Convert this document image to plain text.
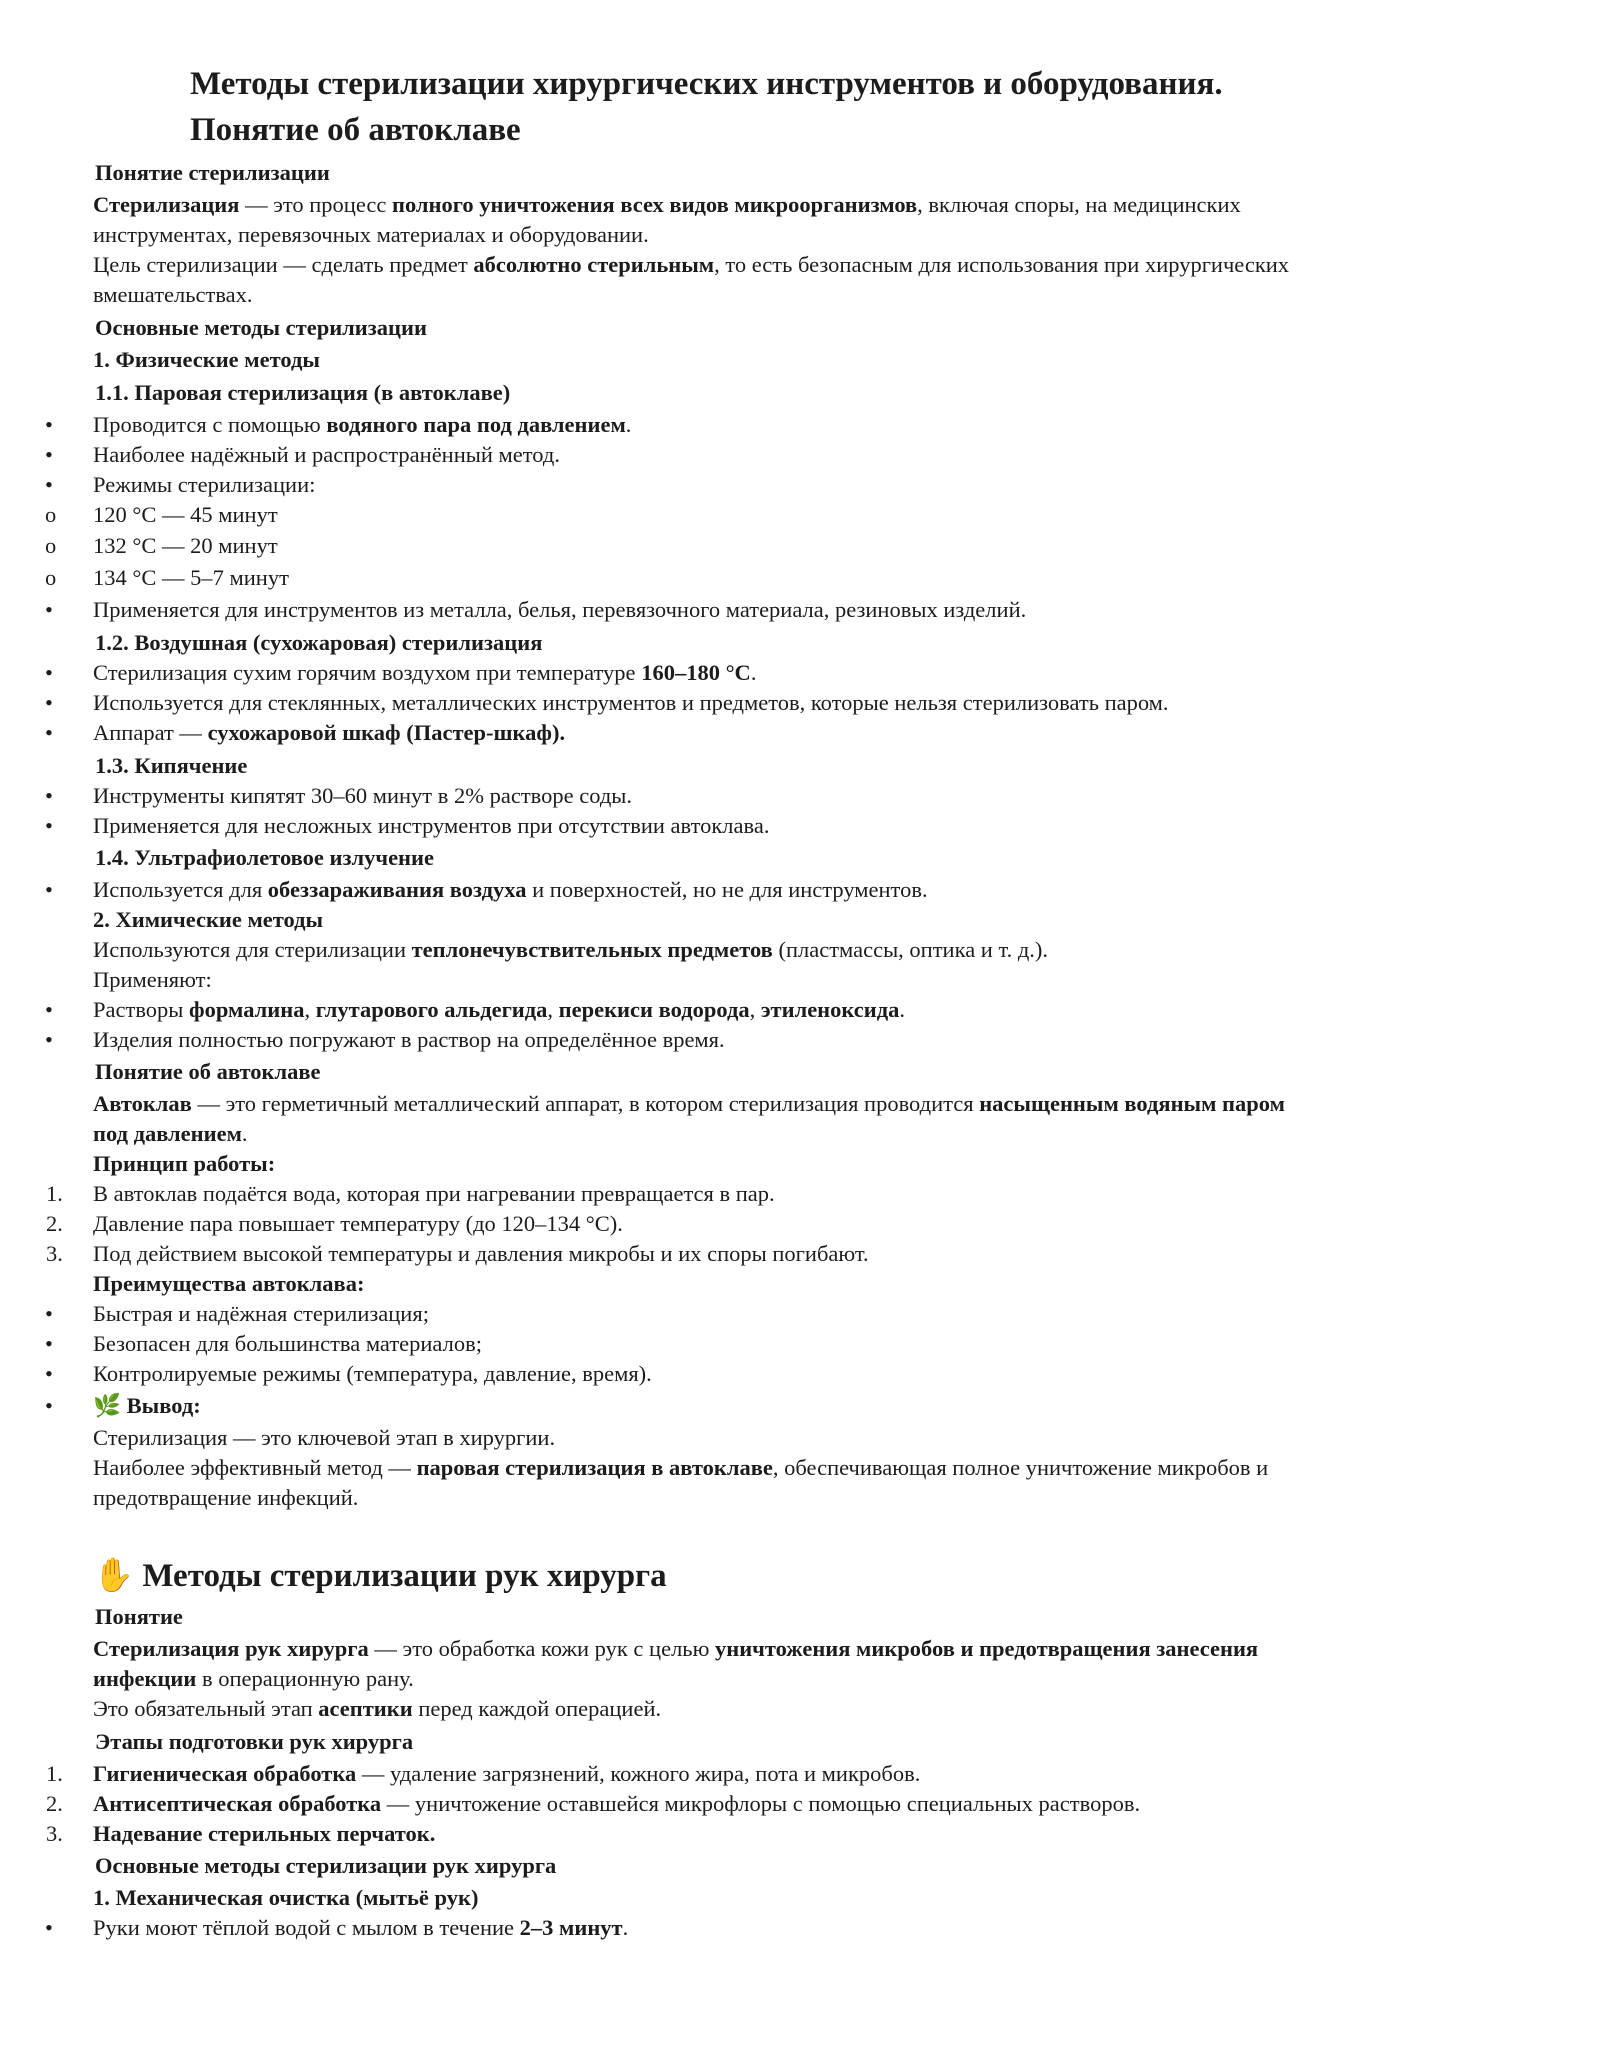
Методы стерилизации хирургических инструментов и оборудования.
Понятие об автоклаве
Понятие стерилизации
Стерилизация — это процесс полного уничтожения всех видов микроорганизмов, включая споры, на медицинских
инструментах, перевязочных материалах и оборудовании.
Цель стерилизации — сделать предмет абсолютно стерильным, то есть безопасным для использования при хирургических
вмешательствах.
Основные методы стерилизации
1. Физические методы
1.1. Паровая стерилизация (в автоклаве)
Проводится с помощью водяного пара под давлением.
•
Наиболее надёжный и распространённый метод.
•
Режимы стерилизации:
•
120 °C — 45 минут
o
132 °C — 20 минут
o
134 °C — 5–7 минут
o
Применяется для инструментов из металла, белья, перевязочного материала, резиновых изделий.
•
1.2. Воздушная (сухожаровая) стерилизация
Стерилизация сухим горячим воздухом при температуре 160–180 °C.
•
Используется для стеклянных, металлических инструментов и предметов, которые нельзя стерилизовать паром.
•
Аппарат — сухожаровой шкаф (Пастер-шкаф).
•
1.3. Кипячение
Инструменты кипятят 30–60 минут в 2% растворе соды.
•
Применяется для несложных инструментов при отсутствии автоклава.
•
1.4. Ультрафиолетовое излучение
Используется для обеззараживания воздуха и поверхностей, но не для инструментов.
•
2. Химические методы
Используются для стерилизации теплонечувствительных предметов (пластмассы, оптика и т. д.).
Применяют:
Растворы формалина, глутарового альдегида, перекиси водорода, этиленоксида.
•
Изделия полностью погружают в раствор на определённое время.
•
Понятие об автоклаве
Автоклав — это герметичный металлический аппарат, в котором стерилизация проводится насыщенным водяным паром
под давлением.
Принцип работы:
В автоклав подаётся вода, которая при нагревании превращается в пар.
1.
Давление пара повышает температуру (до 120–134 °C).
2.
Под действием высокой температуры и давления микробы и их споры погибают.
3.
Преимущества автоклава:
Быстрая и надёжная стерилизация;
•
Безопасен для большинства материалов;
•
Контролируемые режимы (температура, давление, время).
•
🌿 Вывод:
•
Стерилизация — это ключевой этап в хирургии.
Наиболее эффективный метод — паровая стерилизация в автоклаве, обеспечивающая полное уничтожение микробов и
предотвращение инфекций.
✋ Методы стерилизации рук хирурга
Понятие
Стерилизация рук хирурга — это обработка кожи рук с целью уничтожения микробов и предотвращения занесения
инфекции в операционную рану.
Это обязательный этап асептики перед каждой операцией.
Этапы подготовки рук хирурга
Гигиеническая обработка — удаление загрязнений, кожного жира, пота и микробов.
1.
Антисептическая обработка — уничтожение оставшейся микрофлоры с помощью специальных растворов.
2.
Надевание стерильных перчаток.
3.
Основные методы стерилизации рук хирурга
1. Механическая очистка (мытьё рук)
Руки моют тёплой водой с мылом в течение 2–3 минут.
•
